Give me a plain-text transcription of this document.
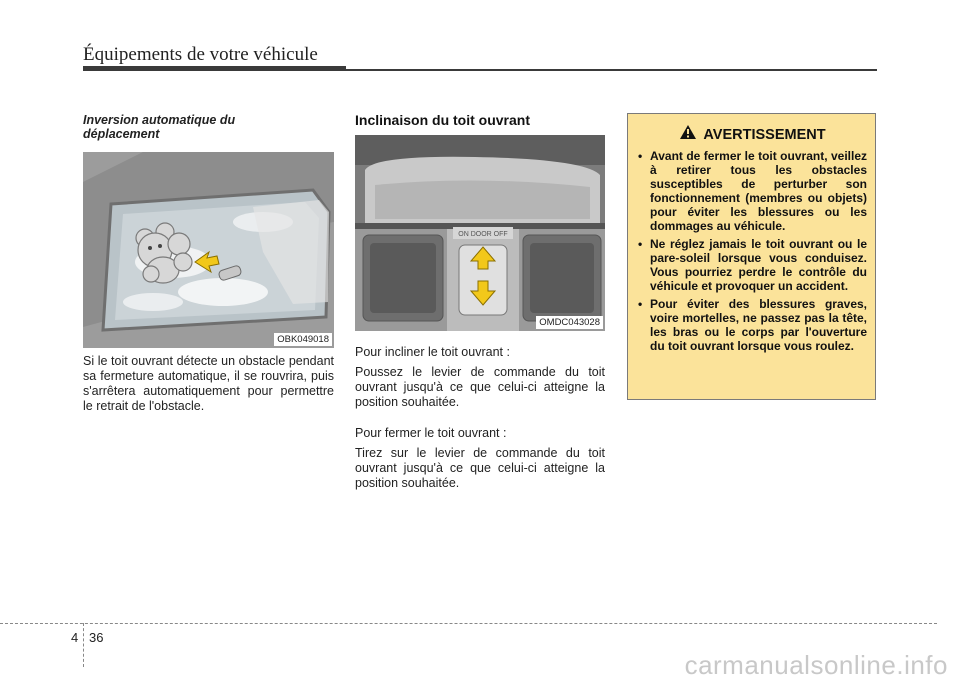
Équipements de votre véhicule

Inversion automatique du
déplacement

OBK049018

Si le toit ouvrant détecte un obstacle pendant sa fermeture automatique, il se rouvrira, puis s'arrêtera automatiquement pour permettre le retrait de l'obstacle.

Inclinaison du toit ouvrant

ON DOOR OFF
OMDC043028

Pour incliner le toit ouvrant :

Poussez le levier de commande du toit ouvrant jusqu'à ce que celui-ci atteigne la position souhaitée.

Pour fermer le toit ouvrant :

Tirez sur le levier de commande du toit ouvrant jusqu'à ce que celui-ci atteigne la position souhaitée.

AVERTISSEMENT
• Avant de fermer le toit ouvrant, veillez à retirer tous les obstacles susceptibles de perturber son fonctionnement (membres ou objets) pour éviter les blessures ou les dommages au véhicule.
• Ne réglez jamais le toit ouvrant ou le pare-soleil lorsque vous conduisez. Vous pourriez perdre le contrôle du véhicule et provoquer un accident.
• Pour éviter des blessures graves, voire mortelles, ne passez pas la tête, les bras ou le corps par l'ouverture du toit ouvrant lorsque vous roulez.
4 36
carmanualsonline.info
